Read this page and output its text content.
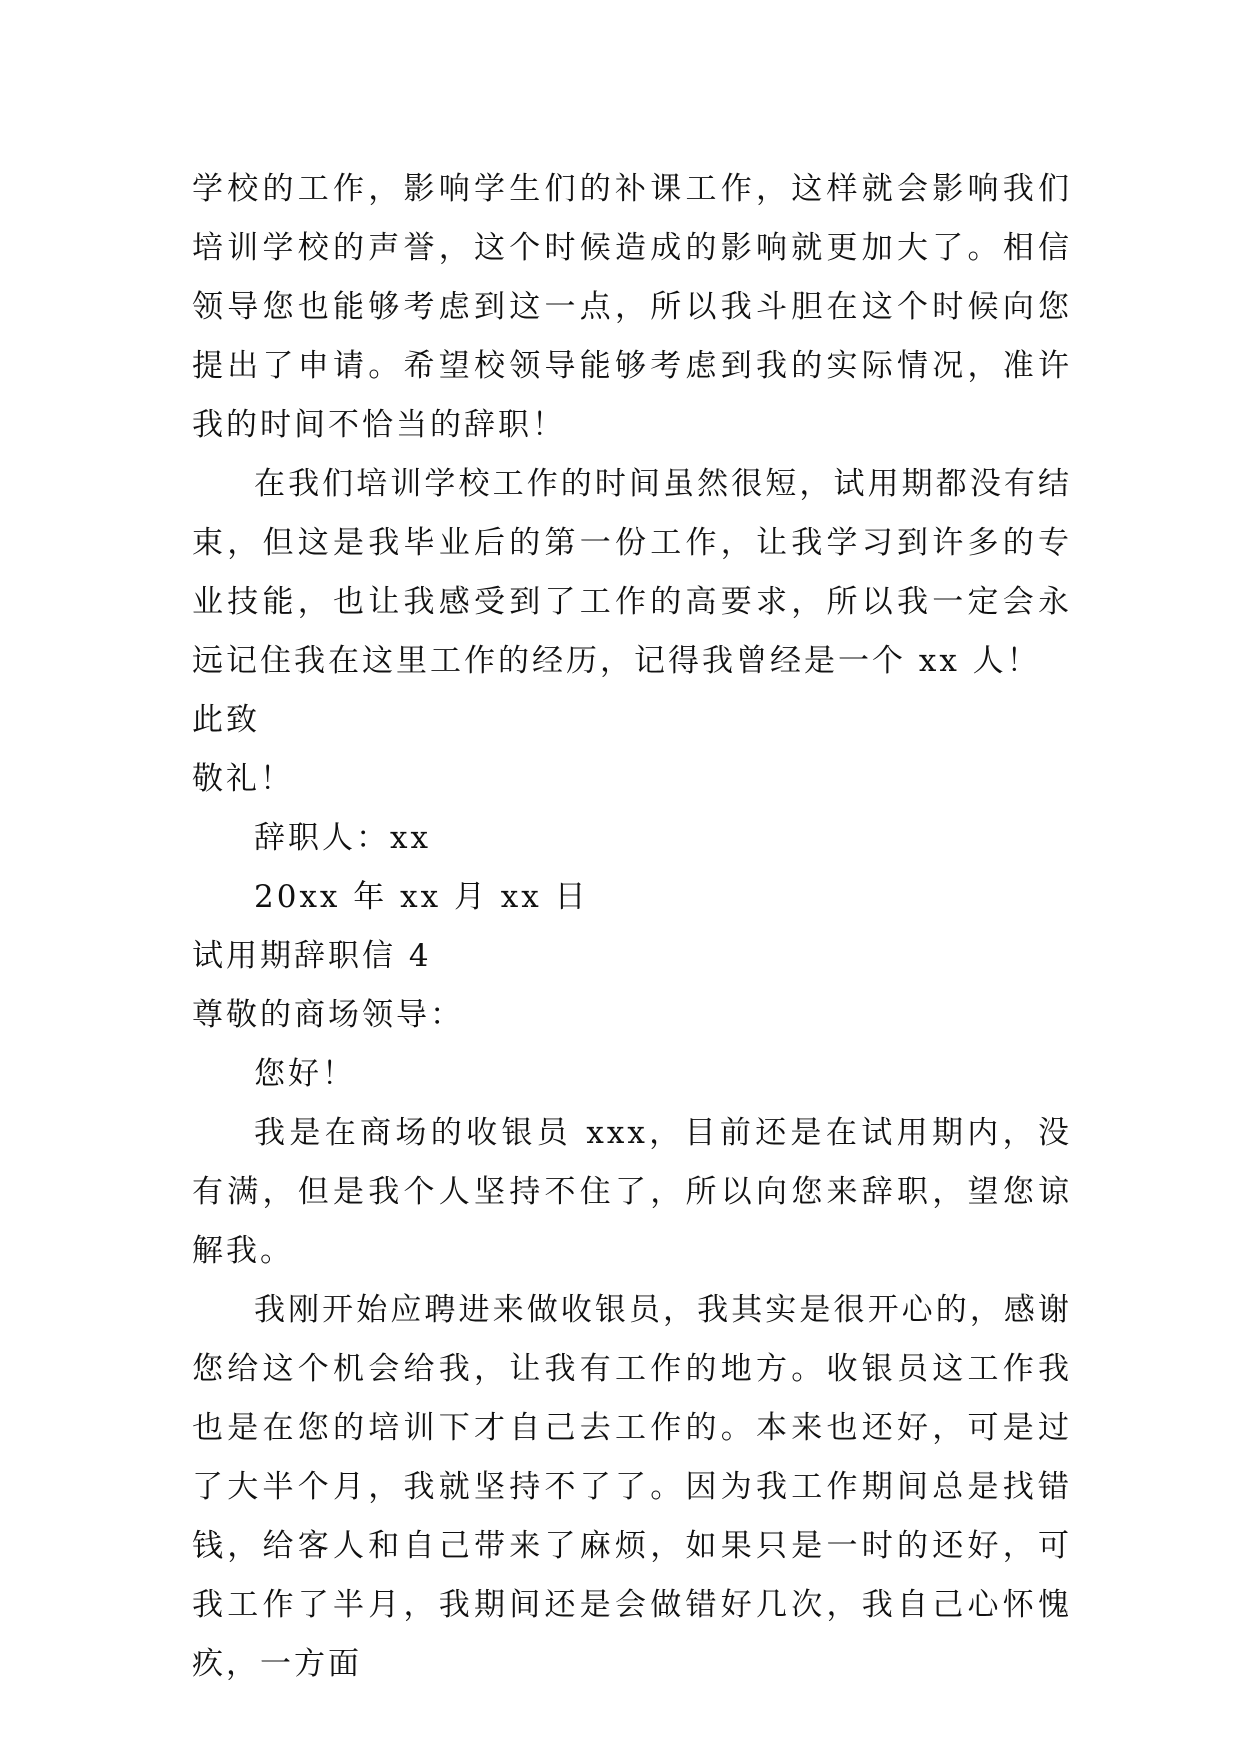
学校的工作，影响学生们的补课工作，这样就会影响我们培训学校的声誉，这个时候造成的影响就更加大了。相信领导您也能够考虑到这一点，所以我斗胆在这个时候向您提出了申请。希望校领导能够考虑到我的实际情况，准许我的时间不恰当的辞职！

在我们培训学校工作的时间虽然很短，试用期都没有结束，但这是我毕业后的第一份工作，让我学习到许多的专业技能，也让我感受到了工作的高要求，所以我一定会永远记住我在这里工作的经历，记得我曾经是一个 xx 人！

此致

敬礼！

辞职人：xx

20xx 年 xx 月 xx 日

试用期辞职信 4

尊敬的商场领导：

您好！

我是在商场的收银员 xxx，目前还是在试用期内，没有满，但是我个人坚持不住了，所以向您来辞职，望您谅解我。

我刚开始应聘进来做收银员，我其实是很开心的，感谢您给这个机会给我，让我有工作的地方。收银员这工作我也是在您的培训下才自己去工作的。本来也还好，可是过了大半个月，我就坚持不了了。因为我工作期间总是找错钱，给客人和自己带来了麻烦，如果只是一时的还好，可我工作了半月，我期间还是会做错好几次，我自己心怀愧疚，一方面
